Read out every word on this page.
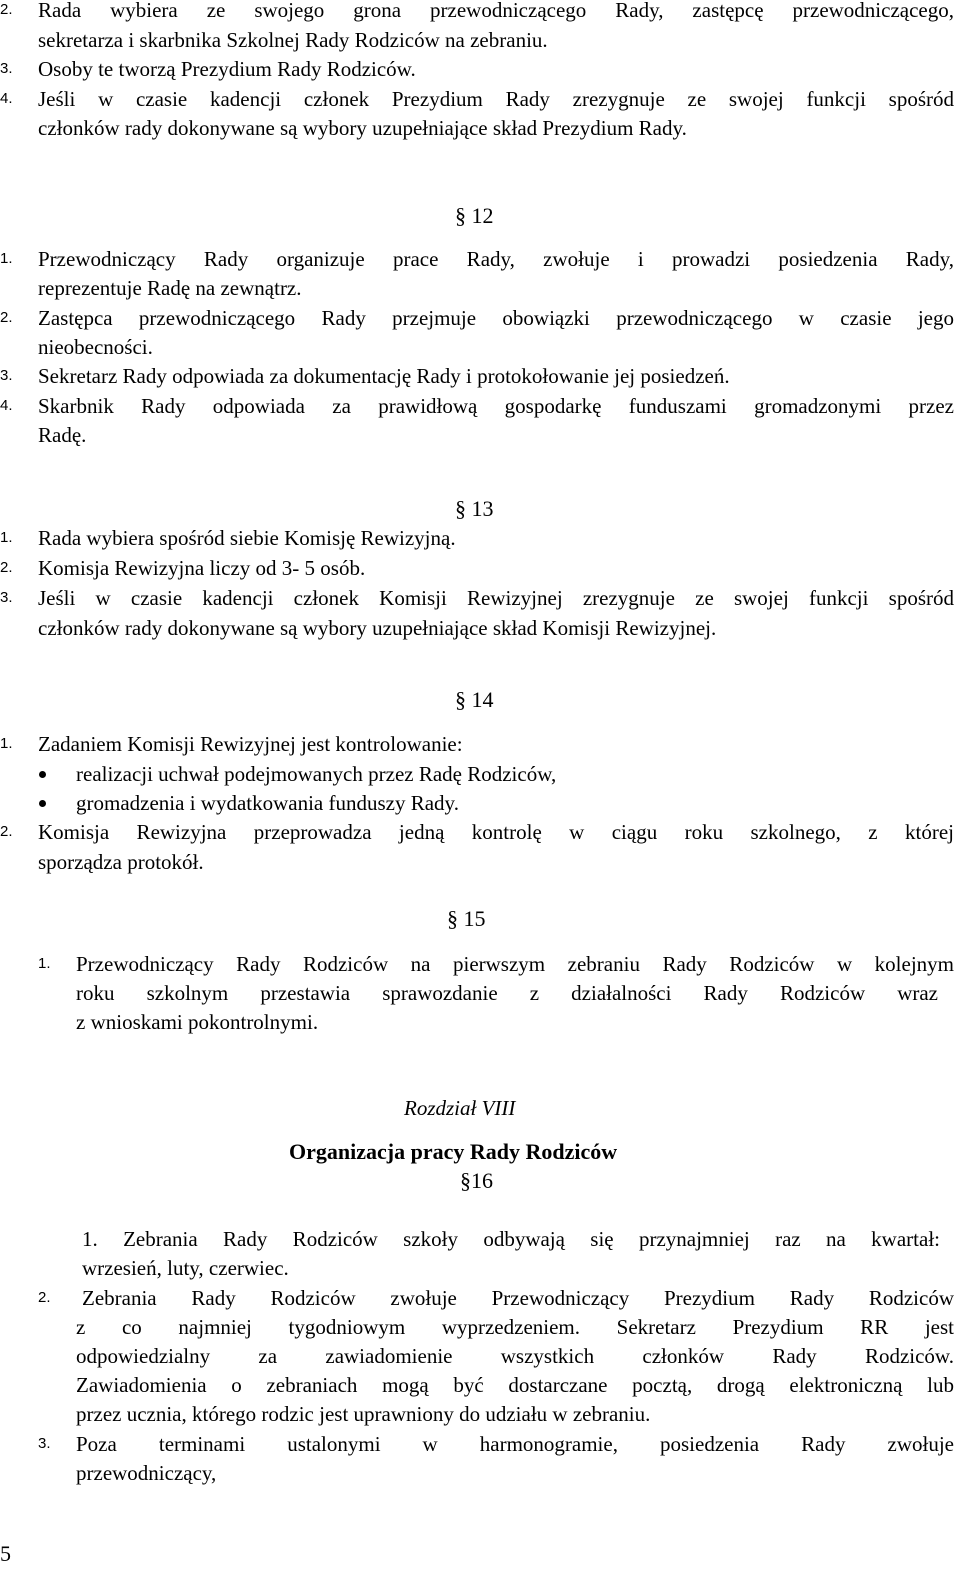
2. Rada wybiera ze swojego grona przewodniczącego Rady, zastępcę przewodniczącego,
sekretarza i skarbnika Szkolnej Rady Rodziców na zebraniu.
3. Osoby te tworzą Prezydium Rady Rodziców.
4. Jeśli w czasie kadencji członek Prezydium Rady zrezygnuje ze swojej funkcji spośród
członków rady dokonywane są wybory uzupełniające skład Prezydium Rady.
§ 12
1. Przewodniczący Rady organizuje prace Rady, zwołuje i prowadzi posiedzenia Rady,
reprezentuje Radę na zewnątrz.
2. Zastępca przewodniczącego Rady przejmuje obowiązki przewodniczącego w czasie jego
nieobecności.
3. Sekretarz Rady odpowiada za dokumentację Rady i protokołowanie jej posiedzeń.
4. Skarbnik Rady odpowiada za prawidłową gospodarkę funduszami gromadzonymi przez
Radę.
§ 13
1. Rada wybiera spośród siebie Komisję Rewizyjną.
2. Komisja Rewizyjna liczy od 3- 5 osób.
3. Jeśli w czasie kadencji członek Komisji Rewizyjnej zrezygnuje ze swojej funkcji spośród
członków rady dokonywane są wybory uzupełniające skład Komisji Rewizyjnej.
§ 14
1. Zadaniem Komisji Rewizyjnej jest kontrolowanie:
realizacji uchwał podejmowanych przez Radę Rodziców,
gromadzenia i wydatkowania funduszy Rady.
2. Komisja Rewizyjna przeprowadza jedną kontrolę w ciągu roku szkolnego, z której
sporządza protokół.
§ 15
1. Przewodniczący Rady Rodziców na pierwszym zebraniu Rady Rodziców w kolejnym
roku szkolnym przestawia sprawozdanie z działalności Rady Rodziców wraz
z wnioskami pokontrolnymi.
Rozdział VIII
Organizacja pracy Rady Rodziców
§16
1. Zebrania Rady Rodziców szkoły odbywają się przynajmniej raz na kwartał:
wrzesień, luty, czerwiec.
2. Zebrania Rady Rodziców zwołuje Przewodniczący Prezydium Rady Rodziców
z co najmniej tygodniowym wyprzedzeniem. Sekretarz Prezydium RR jest
odpowiedzialny za zawiadomienie wszystkich członków Rady Rodziców.
Zawiadomienia o zebraniach mogą być dostarczane pocztą, drogą elektroniczną lub
przez ucznia, którego rodzic jest uprawniony do udziału w zebraniu.
3. Poza terminami ustalonymi w harmonogramie, posiedzenia Rady zwołuje
przewodniczący,
5
